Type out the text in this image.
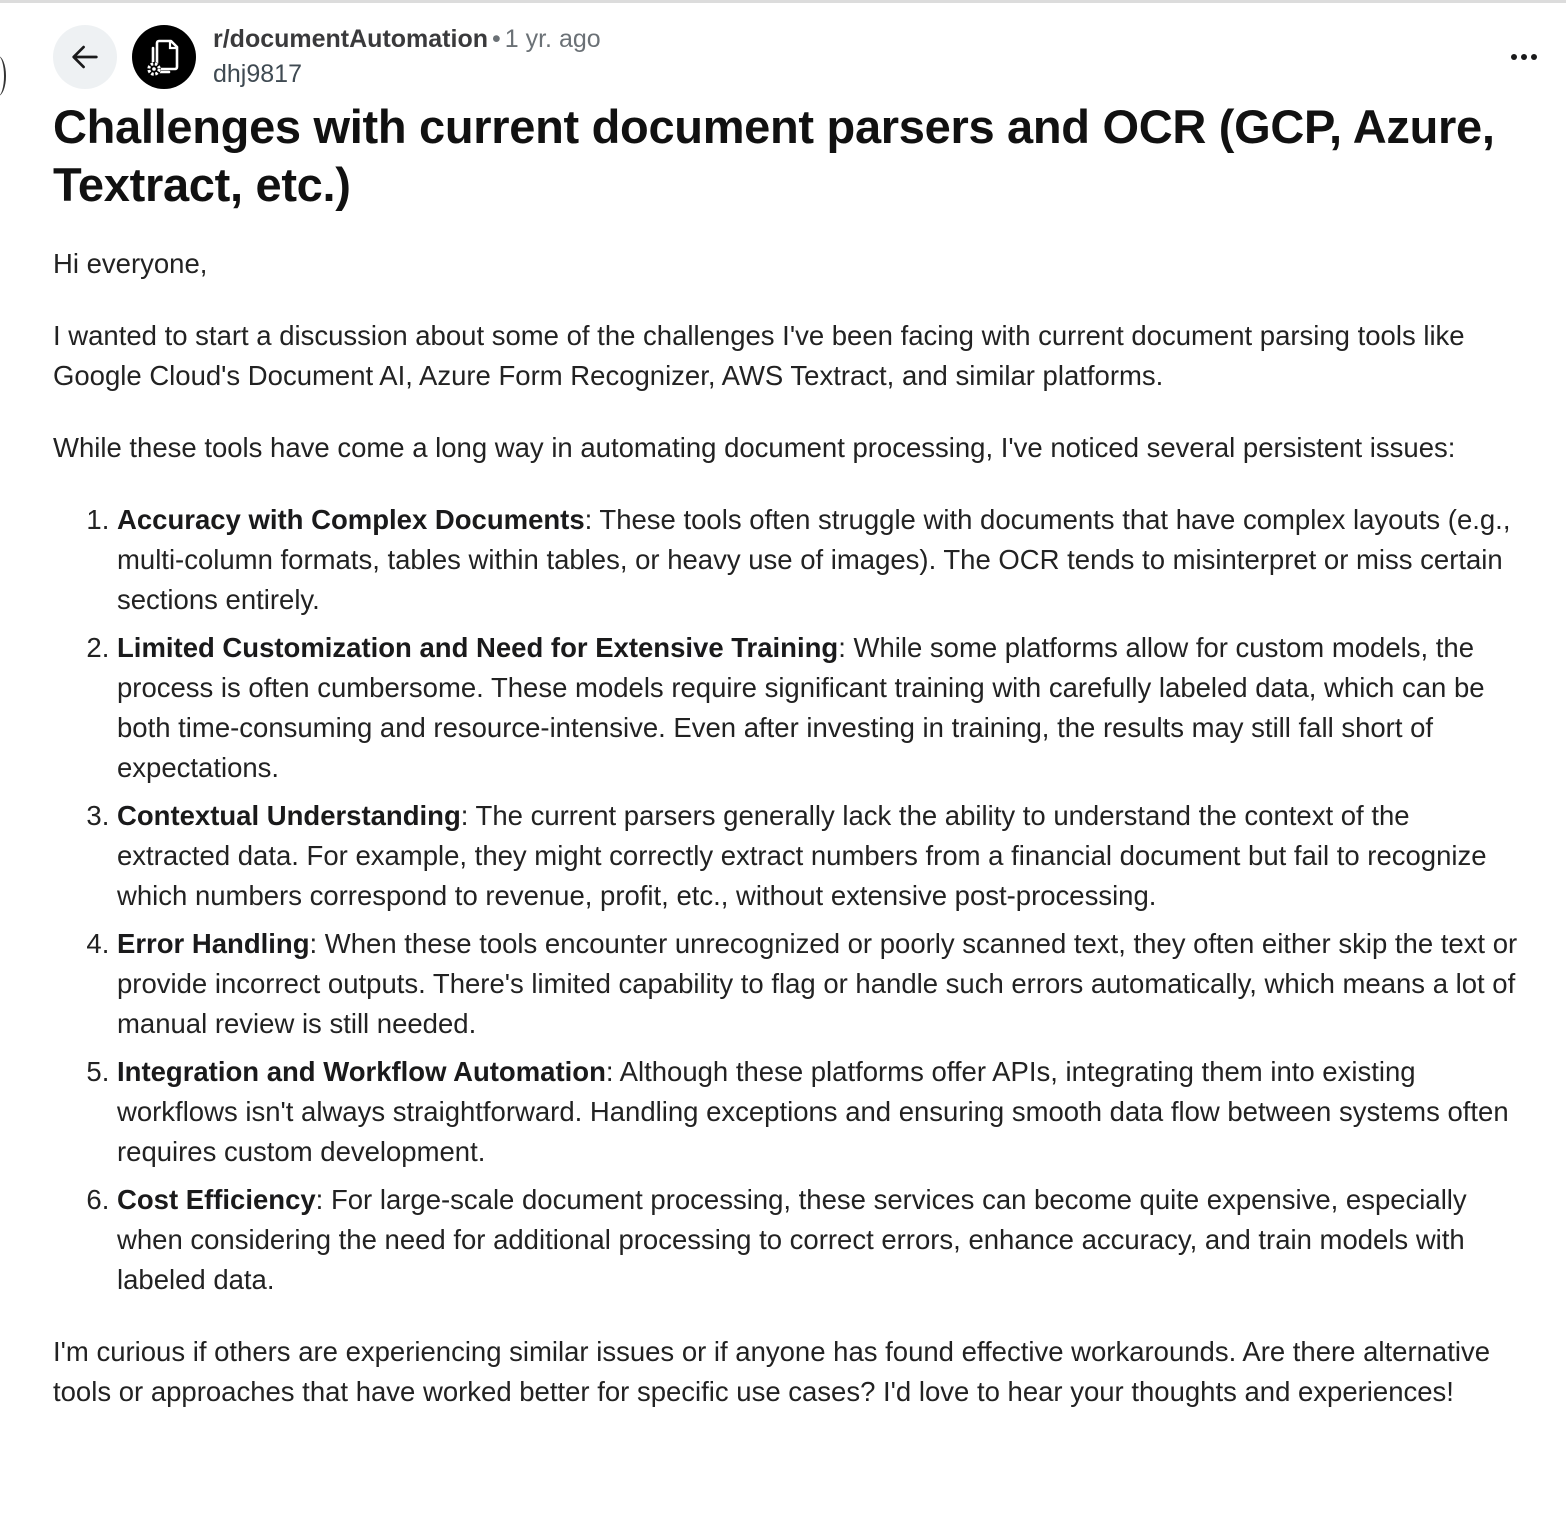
r/documentAutomation • 1 yr. ago
dhj9817
Challenges with current document parsers and OCR (GCP, Azure, Textract, etc.)

Hi everyone,

I wanted to start a discussion about some of the challenges I've been facing with current document parsing tools like Google Cloud's Document AI, Azure Form Recognizer, AWS Textract, and similar platforms.

While these tools have come a long way in automating document processing, I've noticed several persistent issues:

1. Accuracy with Complex Documents: These tools often struggle with documents that have complex layouts (e.g., multi-column formats, tables within tables, or heavy use of images). The OCR tends to misinterpret or miss certain sections entirely.
2. Limited Customization and Need for Extensive Training: While some platforms allow for custom models, the process is often cumbersome. These models require significant training with carefully labeled data, which can be both time-consuming and resource-intensive. Even after investing in training, the results may still fall short of expectations.
3. Contextual Understanding: The current parsers generally lack the ability to understand the context of the extracted data. For example, they might correctly extract numbers from a financial document but fail to recognize which numbers correspond to revenue, profit, etc., without extensive post-processing.
4. Error Handling: When these tools encounter unrecognized or poorly scanned text, they often either skip the text or provide incorrect outputs. There's limited capability to flag or handle such errors automatically, which means a lot of manual review is still needed.
5. Integration and Workflow Automation: Although these platforms offer APIs, integrating them into existing workflows isn't always straightforward. Handling exceptions and ensuring smooth data flow between systems often requires custom development.
6. Cost Efficiency: For large-scale document processing, these services can become quite expensive, especially when considering the need for additional processing to correct errors, enhance accuracy, and train models with labeled data.

I'm curious if others are experiencing similar issues or if anyone has found effective workarounds. Are there alternative tools or approaches that have worked better for specific use cases? I'd love to hear your thoughts and experiences!
